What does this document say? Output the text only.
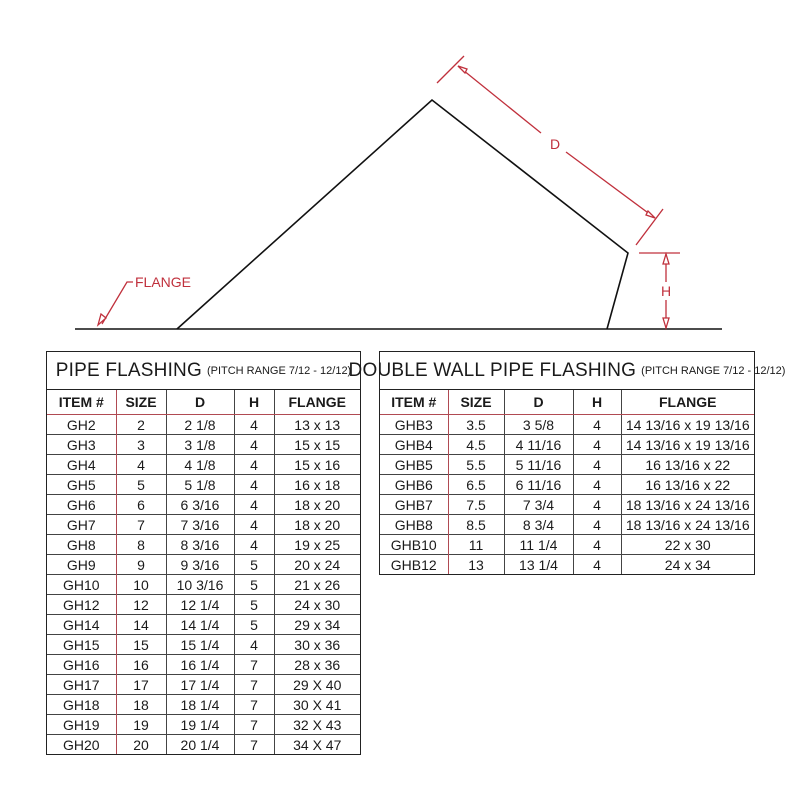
FLANGE
D
H
PIPE FLASHING (PITCH RANGE 7/12 - 12/12)
ITEM #	SIZE	D	H	FLANGE
GH2	2	2 1/8	4	13 x 13
GH3	3	3 1/8	4	15 x 15
GH4	4	4 1/8	4	15 x 16
GH5	5	5 1/8	4	16 x 18
GH6	6	6 3/16	4	18 x 20
GH7	7	7 3/16	4	18 x 20
GH8	8	8 3/16	4	19 x 25
GH9	9	9 3/16	5	20 x 24
GH10	10	10 3/16	5	21 x 26
GH12	12	12 1/4	5	24 x 30
GH14	14	14 1/4	5	29 x 34
GH15	15	15 1/4	4	30 x 36
GH16	16	16 1/4	7	28 x 36
GH17	17	17 1/4	7	29 X 40
GH18	18	18 1/4	7	30 X 41
GH19	19	19 1/4	7	32 X 43
GH20	20	20 1/4	7	34 X 47
DOUBLE WALL PIPE FLASHING (PITCH RANGE 7/12 - 12/12)
ITEM #	SIZE	D	H	FLANGE
GHB3	3.5	3 5/8	4	14 13/16 x 19 13/16
GHB4	4.5	4 11/16	4	14 13/16 x 19 13/16
GHB5	5.5	5 11/16	4	16 13/16 x 22
GHB6	6.5	6 11/16	4	16 13/16 x 22
GHB7	7.5	7 3/4	4	18 13/16 x 24 13/16
GHB8	8.5	8 3/4	4	18 13/16 x 24 13/16
GHB10	11	11 1/4	4	22 x 30
GHB12	13	13 1/4	4	24 x 34
